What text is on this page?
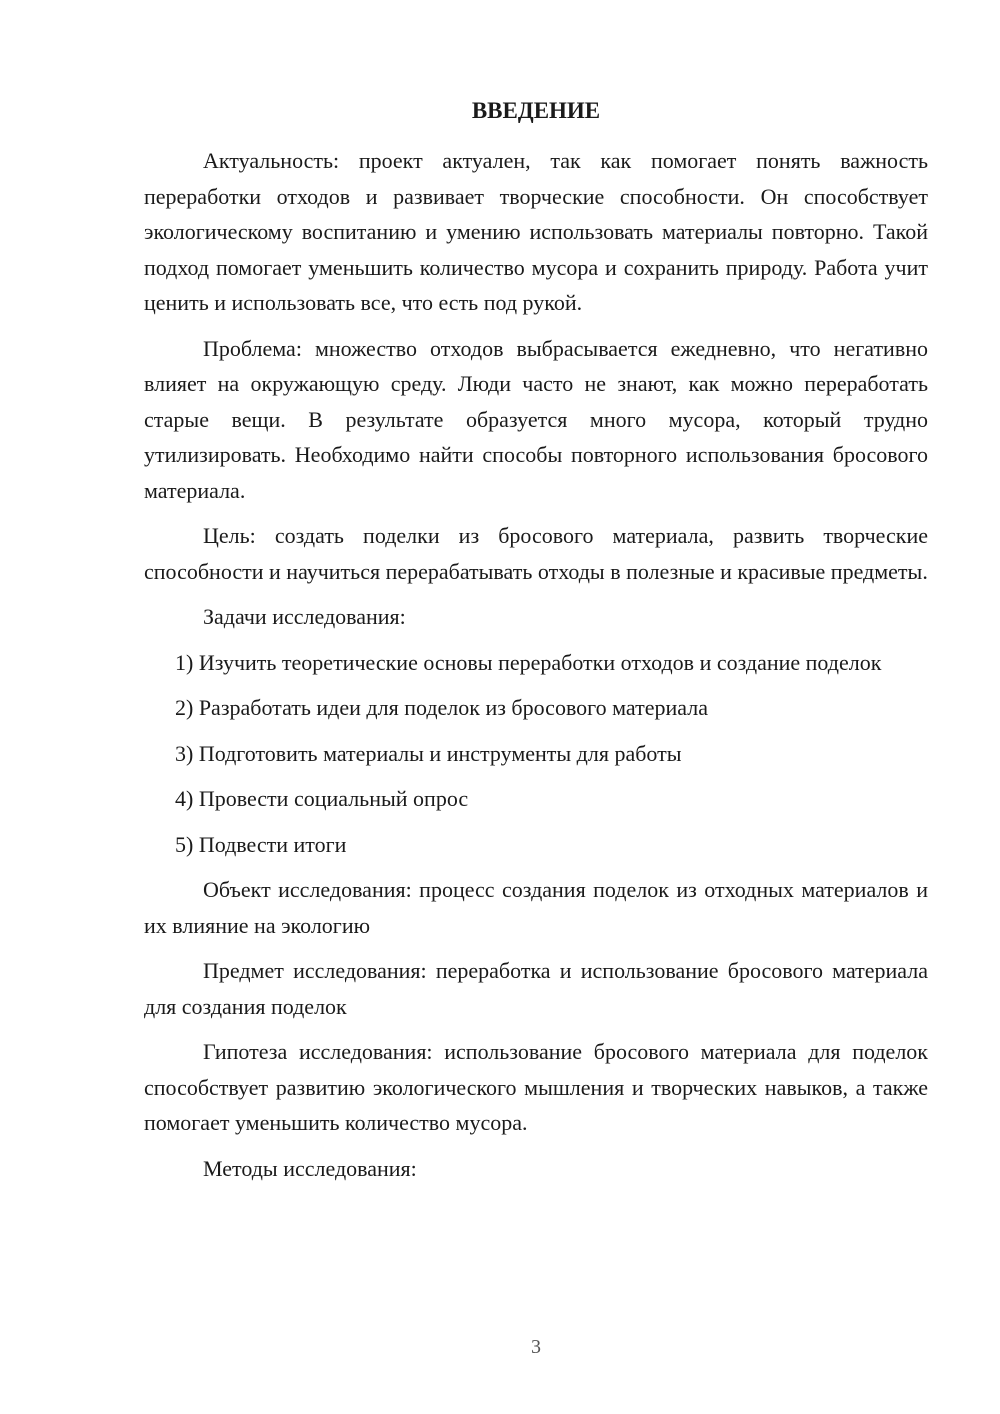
ВВЕДЕНИЕ

Актуальность: проект актуален, так как помогает понять важность переработки отходов и развивает творческие способности. Он способствует экологическому воспитанию и умению использовать материалы повторно. Такой подход помогает уменьшить количество мусора и сохранить природу. Работа учит ценить и использовать все, что есть под рукой.

Проблема: множество отходов выбрасывается ежедневно, что негативно влияет на окружающую среду. Люди часто не знают, как можно переработать старые вещи. В результате образуется много мусора, который трудно утилизировать. Необходимо найти способы повторного использования бросового материала.

Цель: создать поделки из бросового материала, развить творческие способности и научиться перерабатывать отходы в полезные и красивые предметы.

Задачи исследования:

1) Изучить теоретические основы переработки отходов и создание поделок

2) Разработать идеи для поделок из бросового материала

3) Подготовить материалы и инструменты для работы

4) Провести социальный опрос

5) Подвести итоги

Объект исследования: процесс создания поделок из отходных материалов и их влияние на экологию

Предмет исследования: переработка и использование бросового материала для создания поделок

Гипотеза исследования: использование бросового материала для поделок способствует развитию экологического мышления и творческих навыков, а также помогает уменьшить количество мусора.

Методы исследования:

3
